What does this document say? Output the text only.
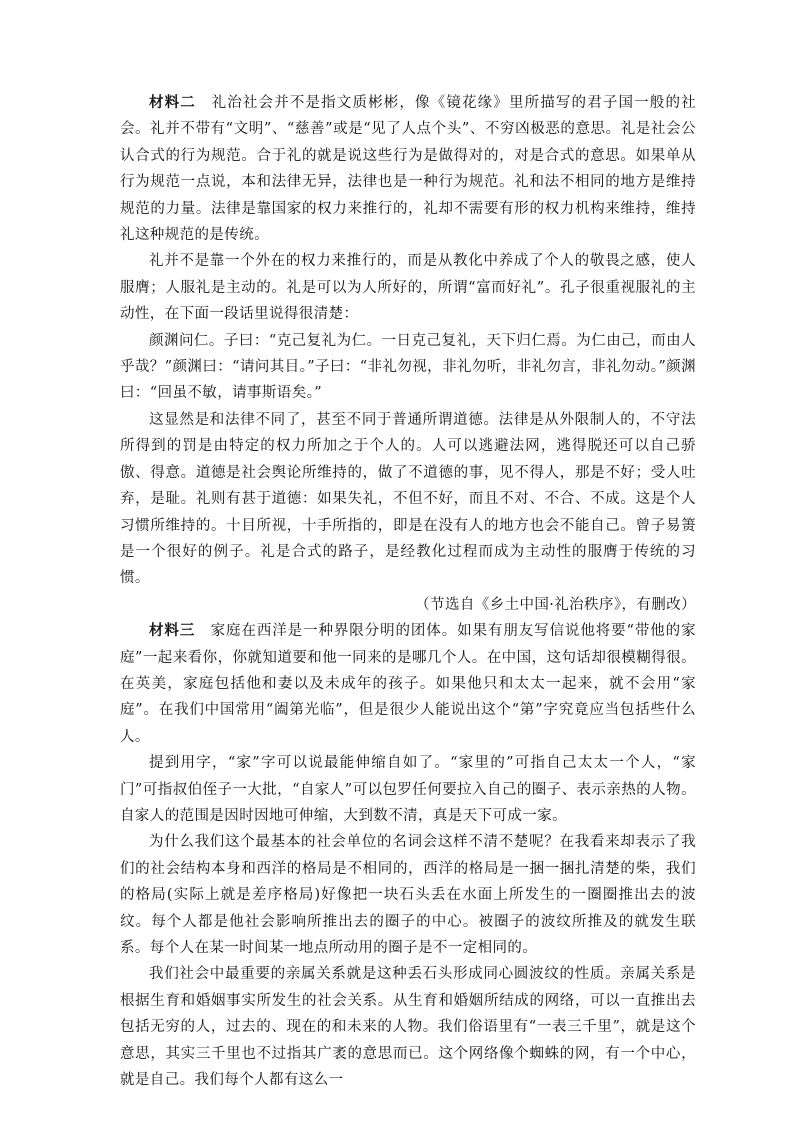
材料二　 礼治社会并不是指文质彬彬，像《镜花缘》里所描写的君子国一般的社会。礼并不带有“文明”、“慈善”或是“见了人点个头”、不穷凶极恶的意思。礼是社会公认合式的行为规范。合于礼的就是说这些行为是做得对的，对是合式的意思。如果单从行为规范一点说，本和法律无异，法律也是一种行为规范。礼和法不相同的地方是维持规范的力量。法律是靠国家的权力来推行的，礼却不需要有形的权力机构来维持，维持礼这种规范的是传统。

礼并不是靠一个外在的权力来推行的，而是从教化中养成了个人的敬畏之感，使人服膺；人服礼是主动的。礼是可以为人所好的，所谓“富而好礼”。孔子很重视服礼的主动性，在下面一段话里说得很清楚：

颜渊问仁。子曰：“克己复礼为仁。一日克己复礼，天下归仁焉。为仁由己，而由人乎哉？”颜渊曰：“请问其目。”子曰：“非礼勿视，非礼勿听，非礼勿言，非礼勿动。”颜渊曰：“回虽不敏，请事斯语矣。”

这显然是和法律不同了，甚至不同于普通所谓道德。法律是从外限制人的，不守法所得到的罚是由特定的权力所加之于个人的。人可以逃避法网，逃得脱还可以自己骄傲、得意。道德是社会舆论所维持的，做了不道德的事，见不得人，那是不好；受人吐弃，是耻。礼则有甚于道德：如果失礼，不但不好，而且不对、不合、不成。这是个人习惯所维持的。十目所视，十手所指的，即是在没有人的地方也会不能自己。曾子易箦是一个很好的例子。礼是合式的路子，是经教化过程而成为主动性的服膺于传统的习惯。

（节选自《乡土中国·礼治秩序》，有删改）

材料三　 家庭在西洋是一种界限分明的团体。如果有朋友写信说他将要“带他的家庭”一起来看你，你就知道要和他一同来的是哪几个人。在中国，这句话却很模糊得很。在英美，家庭包括他和妻以及未成年的孩子。如果他只和太太一起来，就不会用“家庭”。在我们中国常用“阖第光临”，但是很少人能说出这个“第”字究竟应当包括些什么人。

提到用字，“家”字可以说最能伸缩自如了。“家里的”可指自己太太一个人，“家门”可指叔伯侄子一大批，“自家人”可以包罗任何要拉入自己的圈子、表示亲热的人物。自家人的范围是因时因地可伸缩，大到数不清，真是天下可成一家。

为什么我们这个最基本的社会单位的名词会这样不清不楚呢？在我看来却表示了我们的社会结构本身和西洋的格局是不相同的，西洋的格局是一捆一捆扎清楚的柴，我们的格局(实际上就是差序格局)好像把一块石头丢在水面上所发生的一圈圈推出去的波纹。每个人都是他社会影响所推出去的圈子的中心。被圈子的波纹所推及的就发生联系。每个人在某一时间某一地点所动用的圈子是不一定相同的。

我们社会中最重要的亲属关系就是这种丢石头形成同心圆波纹的性质。亲属关系是根据生育和婚姻事实所发生的社会关系。从生育和婚姻所结成的网络，可以一直推出去包括无穷的人，过去的、现在的和未来的人物。我们俗语里有“一表三千里”，就是这个意思，其实三千里也不过指其广袤的意思而已。这个网络像个蜘蛛的网，有一个中心，就是自己。我们每个人都有这么一
